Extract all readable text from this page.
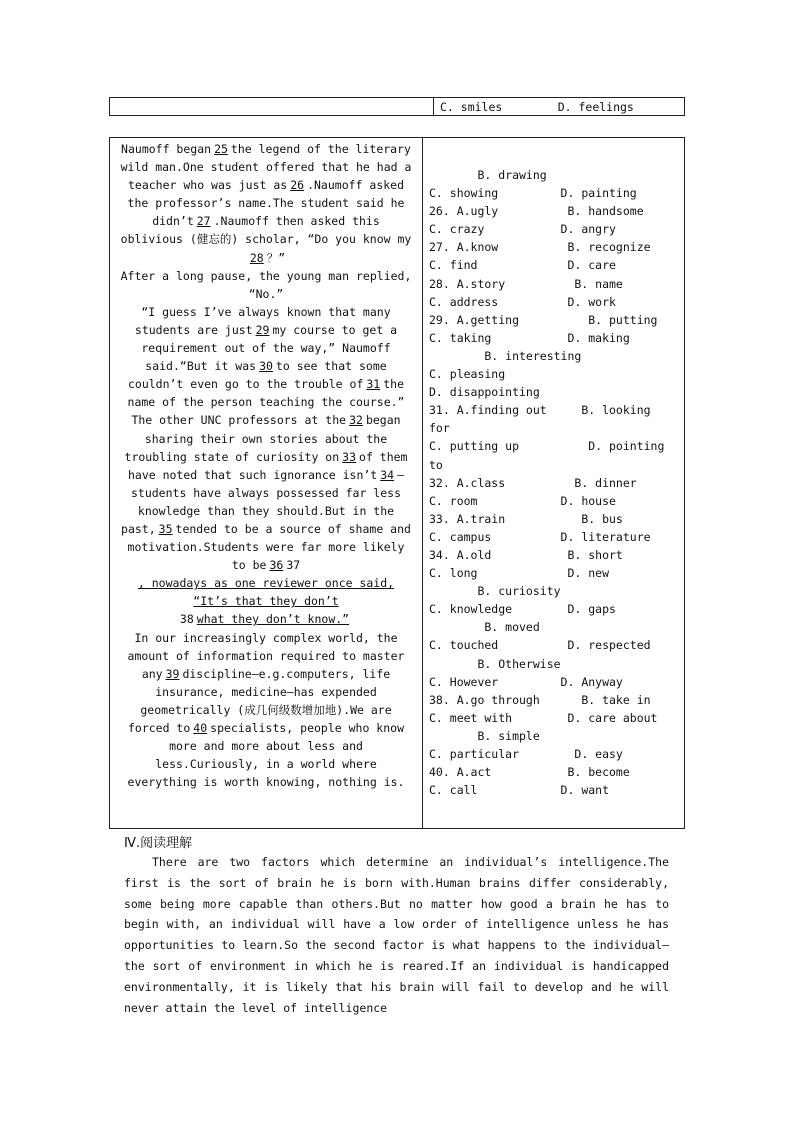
C. smiles        D. feelings
Naumoff began 25 the legend of the literary wild man.One student offered that he had a teacher who was just as 26 .Naumoff asked the professor’s name.The student said he didn’t 27 .Naumoff then asked this oblivious (健忘的) scholar, “Do you know my28 ？”
After a long pause, the young man replied, “No.”
“I guess I’ve always known that many students are just 29 my course to get a requirement out of the way,” Naumoff said.“But it was 30 to see that some couldn’t even go to the trouble of 31 the name of the person teaching the course.”
The other UNC professors at the 32 began sharing their own stories about the troubling state of curiosity on 33 of them have noted that such ignorance isn’t 34 —students have always possessed far less knowledge than they should.But in the past, 35 tended to be a source of shame and motivation.Students were far more likely to be 36 37, nowadays as one reviewer once said, “It’s that they don’t38 what they don’t know.”
In our increasingly complex world, the amount of information required to master any 39 discipline—e.g.computers, life insurance, medicine—has expended geometrically (成几何级数增加地).We are forced to 40 specialists, people who know more and more about less and less.Curiously, in a world where everything is worth knowing, nothing is.
B. drawing
C. showing         D. painting
26. A.ugly          B. handsome
C. crazy           D. angry
27. A.know          B. recognize
C. find             D. care
28. A.story          B. name
C. address          D. work
29. A.getting          B. putting
C. taking           D. making
B. interesting
C. pleasing
D. disappointing
31. A.finding out     B. looking
for
C. putting up          D. pointing
to
32. A.class          B. dinner
C. room            D. house
33. A.train           B. bus
C. campus          D. literature
34. A.old           B. short
C. long             D. new
B. curiosity
C. knowledge        D. gaps
B. moved
C. touched          D. respected
B. Otherwise
C. However         D. Anyway
38. A.go through      B. take in
C. meet with        D. care about
B. simple
C. particular        D. easy
40. A.act           B. become
C. call            D. want
Ⅳ.阅读理解
There are two factors which determine an individual’s intelligence.The first is the sort of brain he is born with.Human brains differ considerably, some being more capable than others.But no matter how good a brain he has to begin with, an individual will have a low order of intelligence unless he has opportunities to learn.So the second factor is what happens to the individual—the sort of environment in which he is reared.If an individual is handicapped environmentally, it is likely that his brain will fail to develop and he will never attain the level of intelligence
